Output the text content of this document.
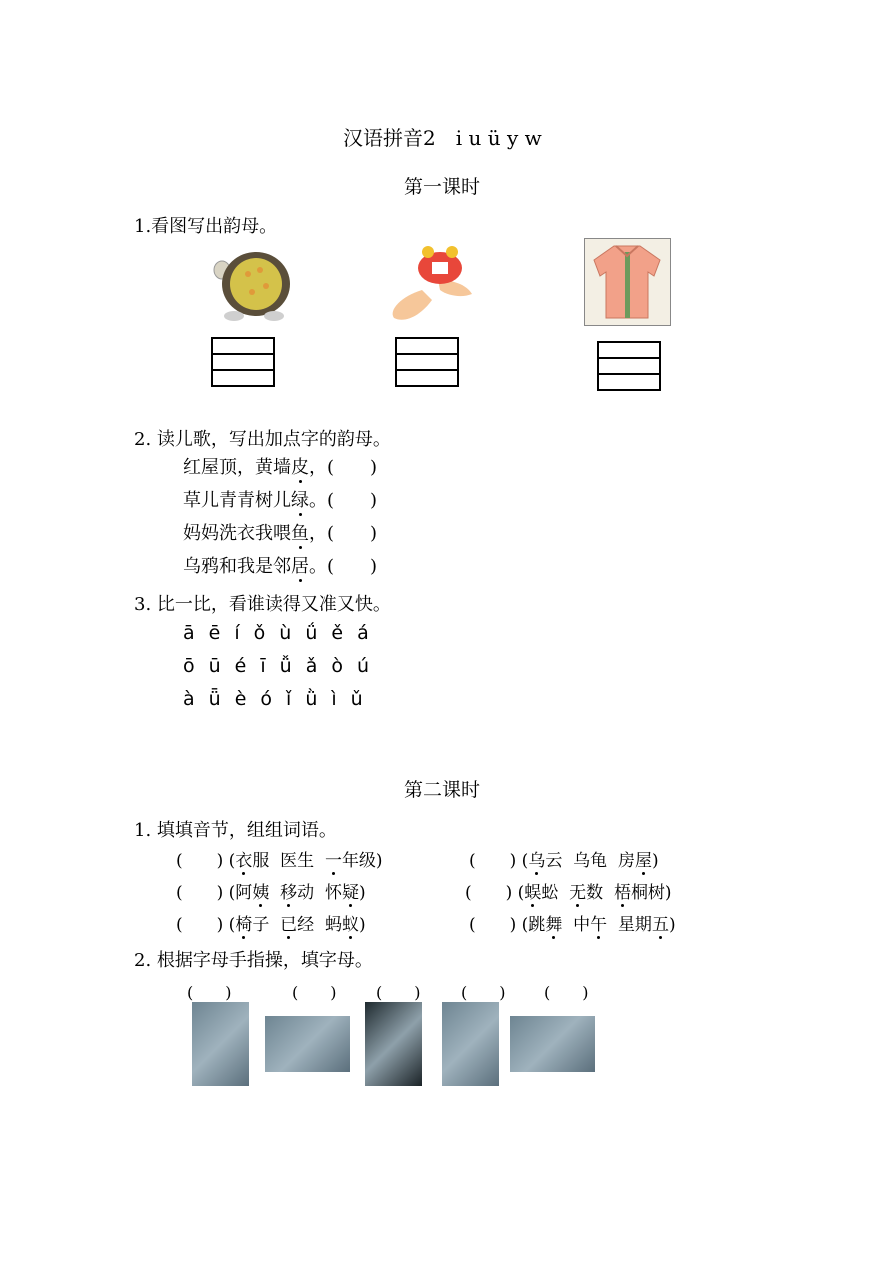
汉语拼音2　i u ü y w
第一课时
1.看图写出韵母。
2. 读儿歌，写出加点字的韵母。
红屋顶，黄墙皮，(　　)
草儿青青树儿绿。(　　)
妈妈洗衣我喂鱼，(　　)
乌鸦和我是邻居。(　　)
3. 比一比，看谁读得又准又快。
ā ē í ǒ ù ǘ ě á
ō ū é ī ǚ ǎ ò ú
à ǖ è ó ǐ ǜ ì ǔ
第二课时
1. 填填音节，组组词语。
(　　) (衣服 医生 一年级)
(　　) (阿姨 移动 怀疑)
(　　) (椅子 已经 蚂蚁)
(　　) (乌云 乌龟 房屋)
(　　) (蜈蚣 无数 梧桐树)
(　　) (跳舞 中午 星期五)
2. 根据字母手指操，填字母。
(　　)	(　　) (　　)	(　　) (　　)
